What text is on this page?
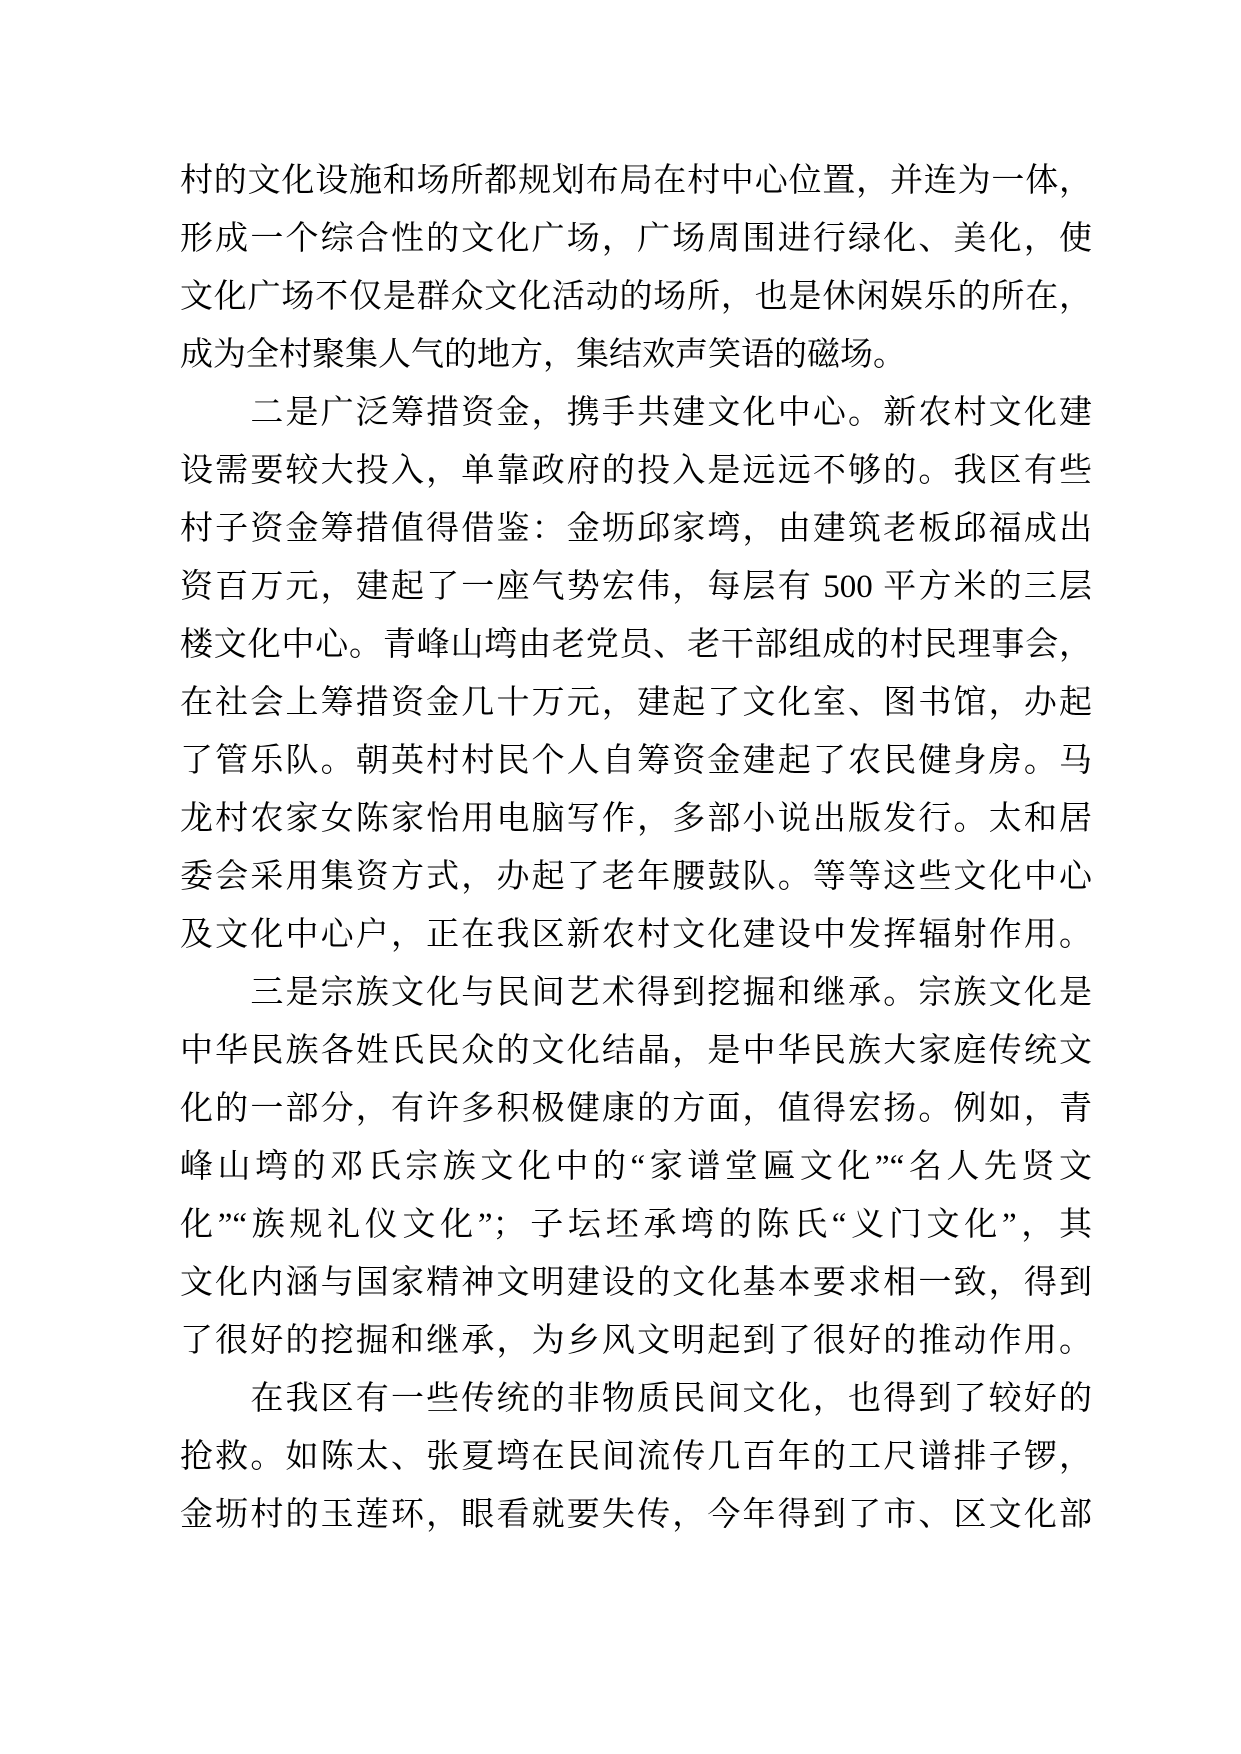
村的文化设施和场所都规划布局在村中心位置，并连为一体，
形成一个综合性的文化广场，广场周围进行绿化、美化，使
文化广场不仅是群众文化活动的场所，也是休闲娱乐的所在，
成为全村聚集人气的地方，集结欢声笑语的磁场。
　　二是广泛筹措资金，携手共建文化中心。新农村文化建
设需要较大投入，单靠政府的投入是远远不够的。我区有些
村子资金筹措值得借鉴：金坜邱家塆，由建筑老板邱福成出
资百万元，建起了一座气势宏伟，每层有 500 平方米的三层
楼文化中心。青峰山塆由老党员、老干部组成的村民理事会，
在社会上筹措资金几十万元，建起了文化室、图书馆，办起
了管乐队。朝英村村民个人自筹资金建起了农民健身房。马
龙村农家女陈家怡用电脑写作，多部小说出版发行。太和居
委会采用集资方式，办起了老年腰鼓队。等等这些文化中心
及文化中心户，正在我区新农村文化建设中发挥辐射作用。
　　三是宗族文化与民间艺术得到挖掘和继承。宗族文化是
中华民族各姓氏民众的文化结晶，是中华民族大家庭传统文
化的一部分，有许多积极健康的方面，值得宏扬。例如，青
峰山塆的邓氏宗族文化中的“家谱堂匾文化”“名人先贤文
化”“族规礼仪文化”；子坛坯承塆的陈氏“义门文化”，其
文化内涵与国家精神文明建设的文化基本要求相一致，得到
了很好的挖掘和继承，为乡风文明起到了很好的推动作用。
　　在我区有一些传统的非物质民间文化，也得到了较好的
抢救。如陈太、张夏塆在民间流传几百年的工尺谱排子锣，
金坜村的玉莲环，眼看就要失传，今年得到了市、区文化部
